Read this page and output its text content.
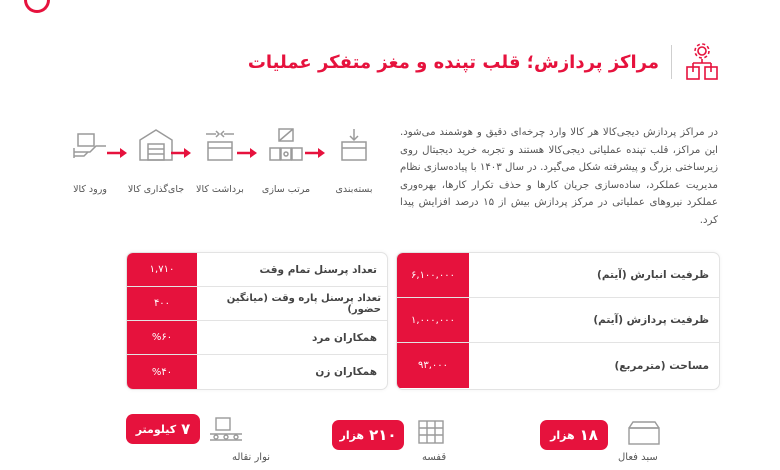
مراکز پردازش؛ قلب تپنده و مغز متفکر عملیات
در مراکز پردازش دیجی‌کالا هر کالا وارد چرخه‌ای دقیق و هوشمند می‌شود. این مراکز، قلب تپنده عملیاتی دیجی‌کالا هستند و تجربه خرید دیجیتال روی زیرساختی بزرگ و پیشرفته شکل می‌گیرد. در سال ۱۴۰۳ با پیاده‌سازی نظام مدیریت عملکرد، ساده‌سازی جریان کارها و حذف تکرار کارها، بهره‌وری عملکرد نیروهای عملیاتی در مرکز پردازش بیش از ۱۵ درصد افزایش پیدا کرد.
ورود کالا	جای‌گذاری کالا	برداشت کالا	مرتب سازی	بسته‌بندی
تعداد پرسنل تمام وقت
۱,۷۱۰
تعداد پرسنل پاره وقت (میانگین حضور)
۴۰۰
همکاران مرد
%۶۰
همکاران زن
%۴۰
ظرفیت انبارش (آیتم)
۶,۱۰۰,۰۰۰
ظرفیت پردازش (آیتم)
۱,۰۰۰,۰۰۰
مساحت (مترمربع)
۹۳,۰۰۰
۷
کیلومتر
نوار نقاله
۲۱۰
هزار
قفسه
۱۸
هزار
سبد فعال
